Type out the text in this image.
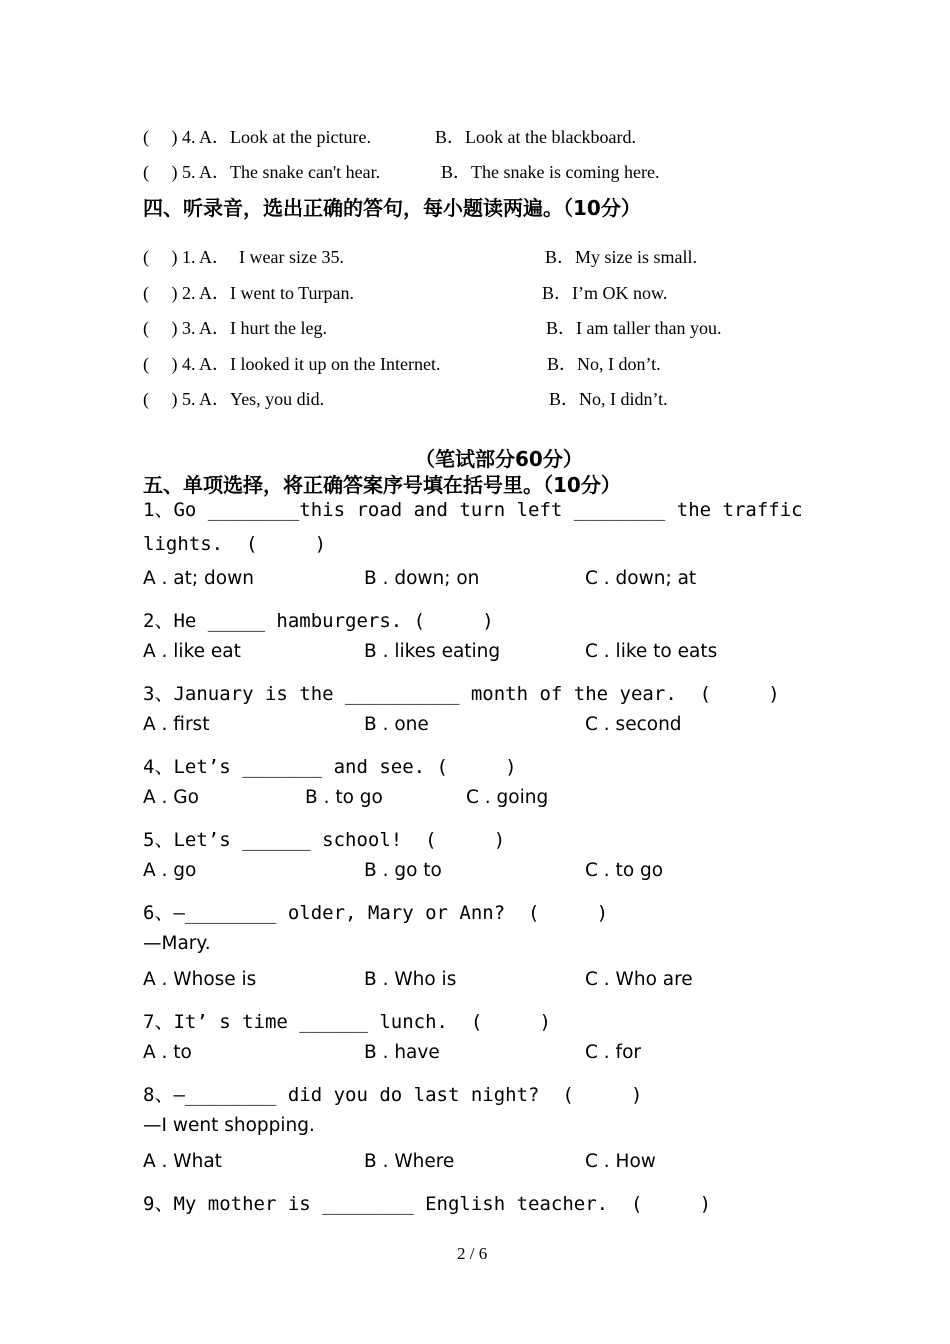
(     ) 4. A．Look at the picture.	B．Look at the blackboard.
(     ) 5. A．The snake can't hear.	B．The snake is coming here.
四、听录音，选出正确的答句，每小题读两遍。（10分）
(     ) 1. A．  I wear size 35.	B．My size is small.
(     ) 2. A．I went to Turpan.	B．I’m OK now.
(     ) 3. A．I hurt the leg.	B．I am taller than you.
(     ) 4. A．I looked it up on the Internet.	B．No, I don’t.
(     ) 5. A．Yes, you did.	B．No, I didn’t.
（笔试部分60分）
五、单项选择，将正确答案序号填在括号里。（10分）
1、Go ________this road and turn left ________ the traffic
lights.  (     )
A . at; down	B . down; on	C . down; at
2、He _____ hamburgers. (     )
A . like eat	B . likes eating	C . like to eats
3、January is the __________ month of the year.  (     )
A . first	B . one	C . second
4、Let’s _______ and see. (     )
A . Go	B . to go	C . going
5、Let’s ______ school!  (     )
A . go	B . go to	C . to go
6、—________ older, Mary or Ann?  (     )
—Mary.
A . Whose is	B . Who is	C . Who are
7、It’ s time ______ lunch.  (     )
A . to	B . have	C . for
8、—________ did you do last night?  (     )
—I went shopping.
A . What	B . Where	C . How
9、My mother is ________ English teacher.  (     )
2 / 6
